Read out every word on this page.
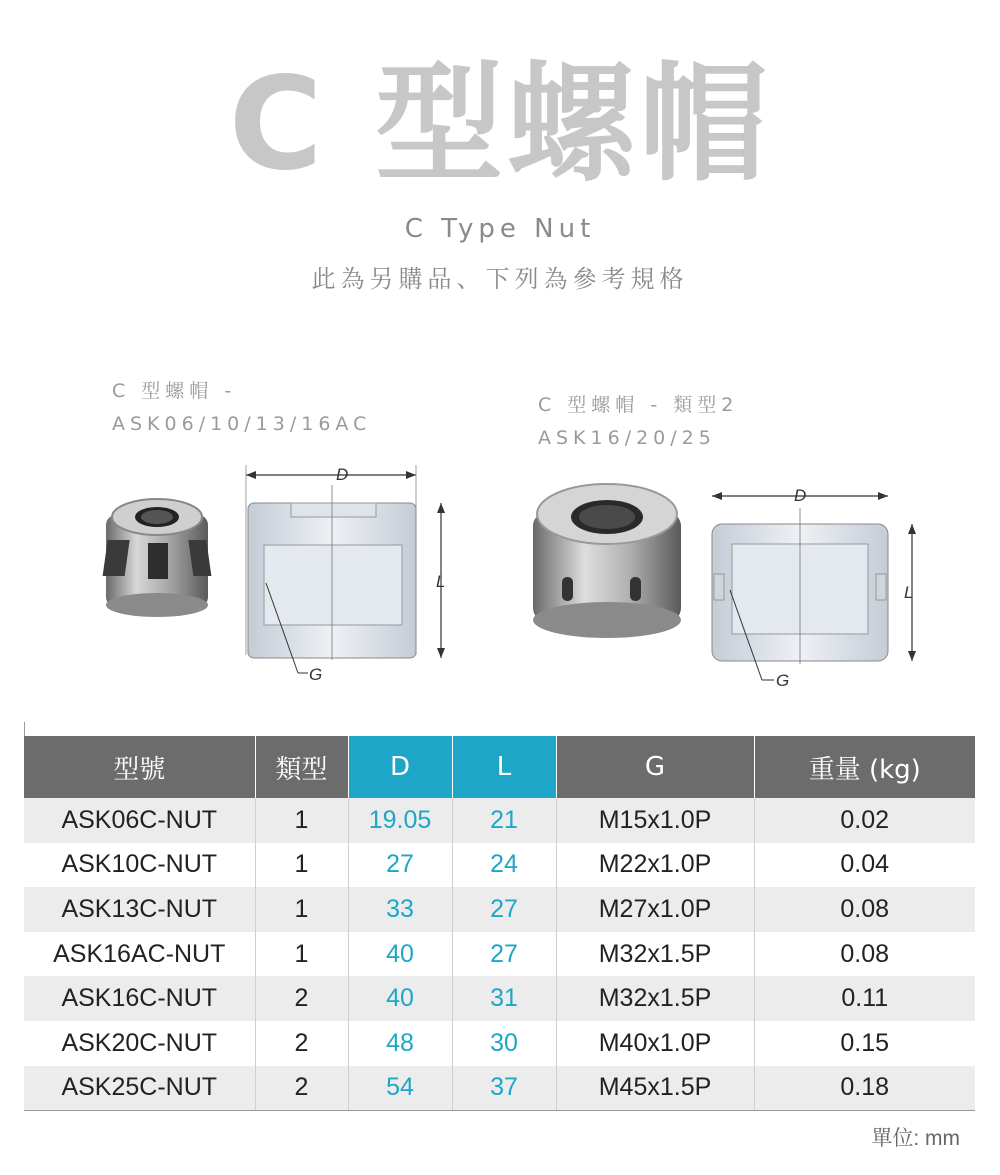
C 型螺帽
C Type Nut
此為另購品、下列為參考規格
C 型螺帽 -
ASK06/10/13/16AC
D
L
G
C 型螺帽 - 類型2
ASK16/20/25
D
L
G
型號	類型	D	L	G	重量 (kg)
ASK06C-NUT	1	19.05	21	M15x1.0P	0.02
ASK10C-NUT	1	27	24	M22x1.0P	0.04
ASK13C-NUT	1	33	27	M27x1.0P	0.08
ASK16AC-NUT	1	40	27	M32x1.5P	0.08
ASK16C-NUT	2	40	31	M32x1.5P	0.11
ASK20C-NUT	2	48	30	M40x1.0P	0.15
ASK25C-NUT	2	54	37	M45x1.5P	0.18
單位: mm
